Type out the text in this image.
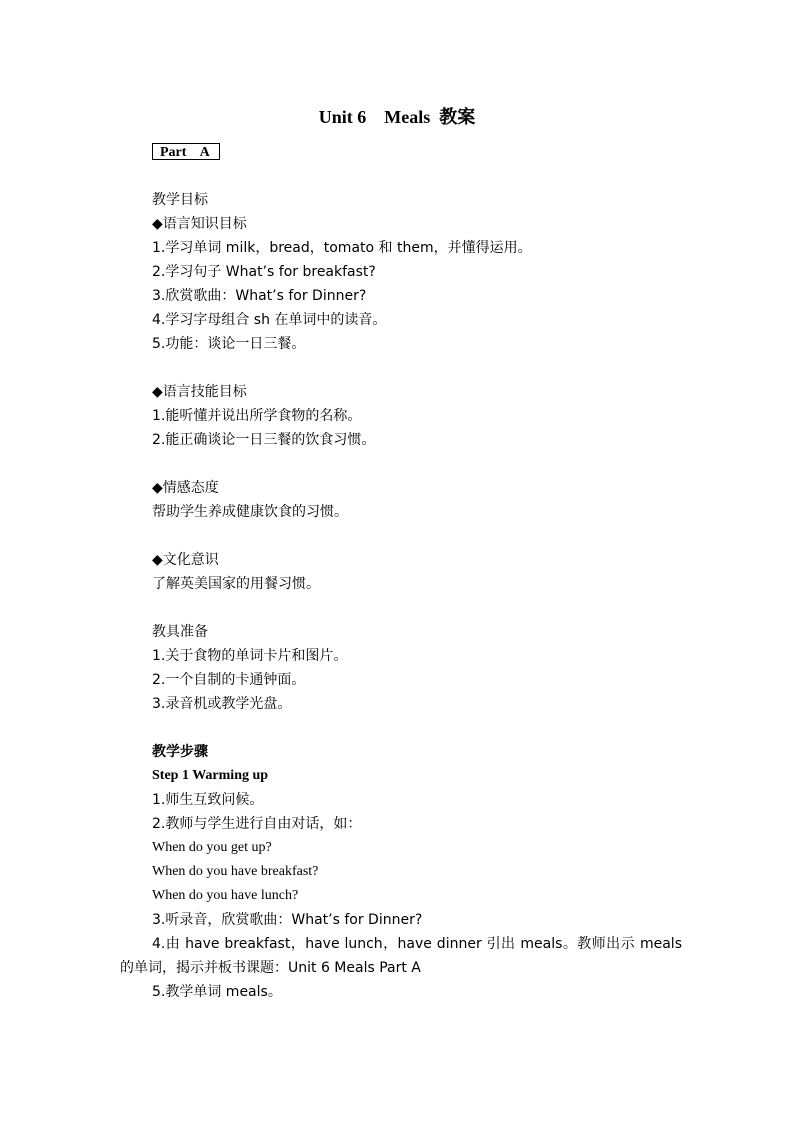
Unit 6    Meals  教案
Part    A
教学目标
◆语言知识目标
1.学习单词 milk，bread，tomato 和 them，并懂得运用。
2.学习句子 What’s for breakfast?
3.欣赏歌曲：What’s for Dinner?
4.学习字母组合 sh 在单词中的读音。
5.功能：谈论一日三餐。
◆语言技能目标
1.能听懂并说出所学食物的名称。
2.能正确谈论一日三餐的饮食习惯。
◆情感态度
帮助学生养成健康饮食的习惯。
◆文化意识
了解英美国家的用餐习惯。
教具准备
1.关于食物的单词卡片和图片。
2.一个自制的卡通钟面。
3.录音机或教学光盘。
教学步骤
Step 1 Warming up
1.师生互致问候。
2.教师与学生进行自由对话，如：
When do you get up?
When do you have breakfast?
When do you have lunch?
3.听录音，欣赏歌曲：What’s for Dinner?
4.由 have breakfast，have lunch，have dinner 引出 meals。教师出示 meals 的单词，揭示并板书课题：Unit 6 Meals Part A
5.教学单词 meals。
